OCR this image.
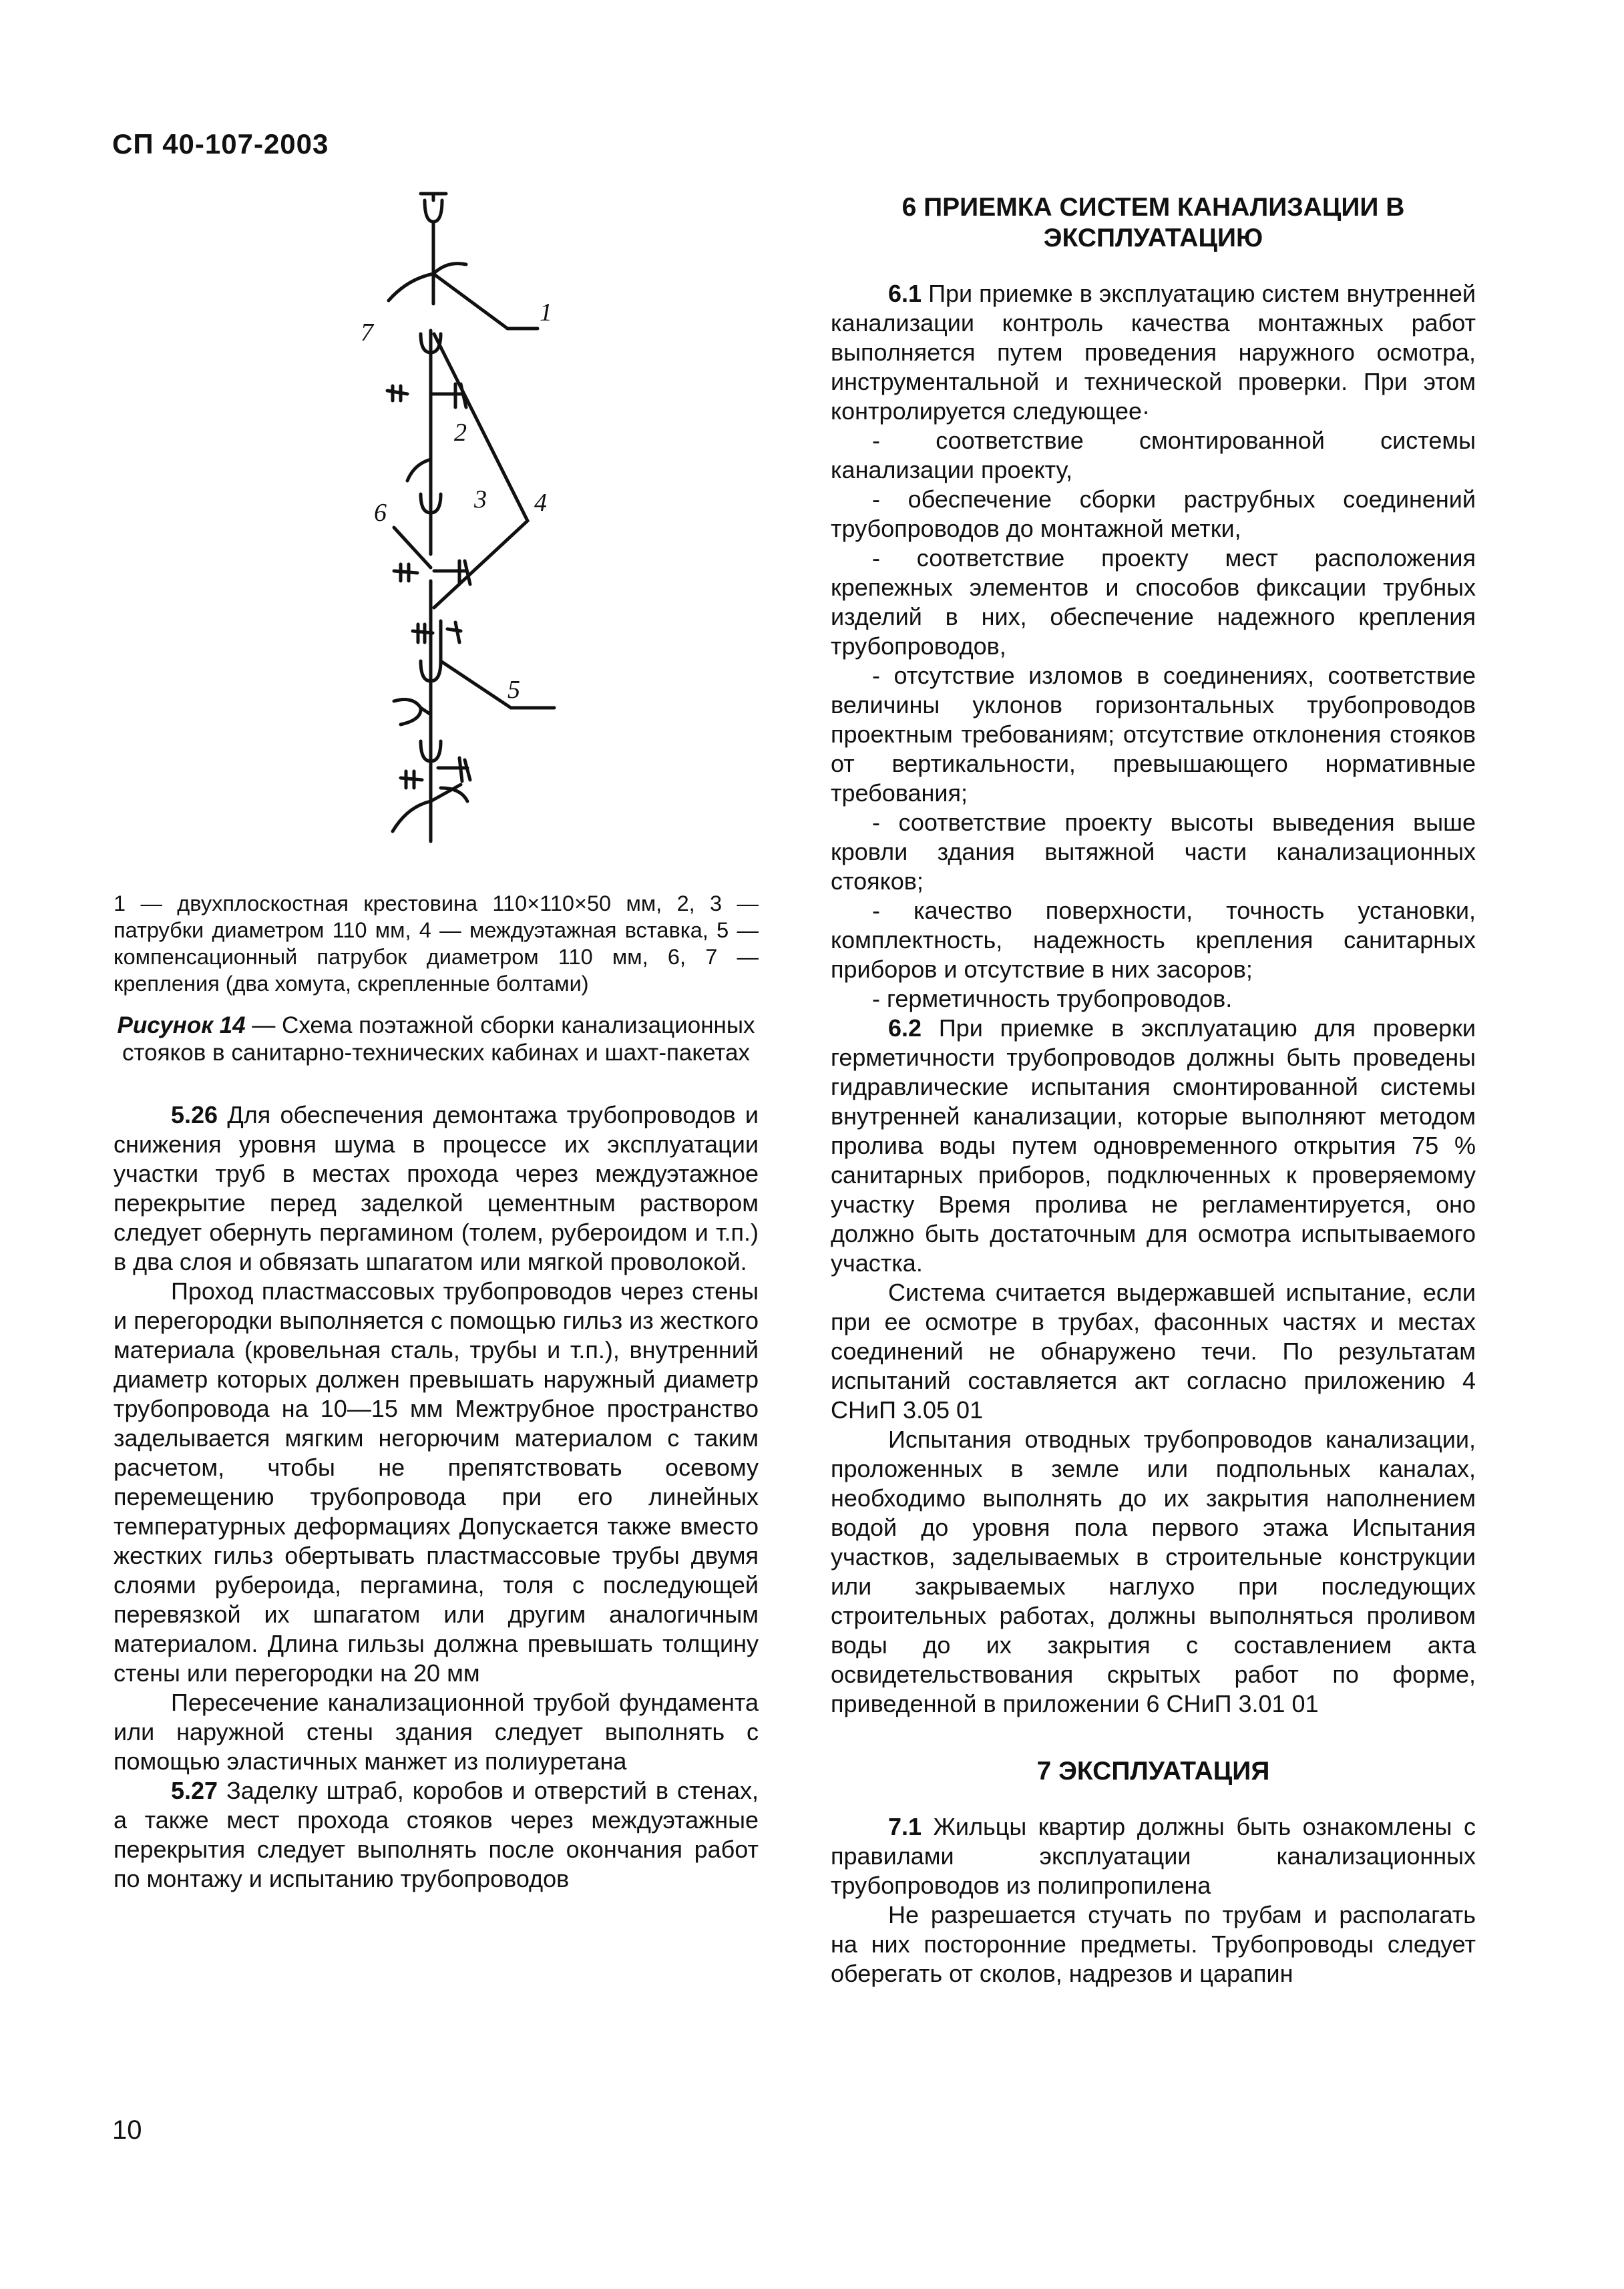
СП 40-107-2003
1
2
3 4
5
6
7

1 — двухплоскостная крестовина 110×110×50 мм, 2, 3 — патрубки диаметром 110 мм, 4 — междуэтажная вставка, 5 — компенсационный патрубок диаметром 110 мм, 6, 7 — крепления (два хомута, скрепленные болтами)

Рисунок 14 — Схема поэтажной сборки канализационных стояков в санитарно-технических кабинах и шахт-пакетах

5.26 Для обеспечения демонтажа трубопроводов и снижения уровня шума в процессе их эксплуатации участки труб в местах прохода через междуэтажное перекрытие перед заделкой цементным раствором следует обернуть пергамином (толем, рубероидом и т.п.) в два слоя и обвязать шпагатом или мягкой проволокой.

Проход пластмассовых трубопроводов через стены и перегородки выполняется с помощью гильз из жесткого материала (кровельная сталь, трубы и т.п.), внутренний диаметр которых должен превышать наружный диаметр трубопровода на 10—15 мм Межтрубное пространство заделывается мягким негорючим материалом с таким расчетом, чтобы не препятствовать осевому перемещению трубопровода при его линейных температурных деформациях Допускается также вместо жестких гильз обертывать пластмассовые трубы двумя слоями рубероида, пергамина, толя с последующей перевязкой их шпагатом или другим аналогичным материалом. Длина гильзы должна превышать толщину стены или перегородки на 20 мм

Пересечение канализационной трубой фундамента или наружной стены здания следует выполнять с помощью эластичных манжет из полиуретана

5.27 Заделку штраб, коробов и отверстий в стенах, а также мест прохода стояков через междуэтажные перекрытия следует выполнять после окончания работ по монтажу и испытанию трубопроводов

6 ПРИЕМКА СИСТЕМ КАНАЛИЗАЦИИ В ЭКСПЛУАТАЦИЮ

6.1 При приемке в эксплуатацию систем внутренней канализации контроль качества монтажных работ выполняется путем проведения наружного осмотра, инструментальной и технической проверки. При этом контролируется следующее·

- соответствие смонтированной системы канализации проекту,

- обеспечение сборки раструбных соединений трубопроводов до монтажной метки,

- соответствие проекту мест расположения крепежных элементов и способов фиксации трубных изделий в них, обеспечение надежного крепления трубопроводов,

- отсутствие изломов в соединениях, соответствие величины уклонов горизонтальных трубопроводов проектным требованиям; отсутствие отклонения стояков от вертикальности, превышающего нормативные требования;

- соответствие проекту высоты выведения выше кровли здания вытяжной части канализационных стояков;

- качество поверхности, точность установки, комплектность, надежность крепления санитарных приборов и отсутствие в них засоров;

- герметичность трубопроводов.

6.2 При приемке в эксплуатацию для проверки герметичности трубопроводов должны быть проведены гидравлические испытания смонтированной системы внутренней канализации, которые выполняют методом пролива воды путем одновременного открытия 75 % санитарных приборов, подключенных к проверяемому участку Время пролива не регламентируется, оно должно быть достаточным для осмотра испытываемого участка.

Система считается выдержавшей испытание, если при ее осмотре в трубах, фасонных частях и местах соединений не обнаружено течи. По результатам испытаний составляется акт согласно приложению 4 СНиП 3.05 01

Испытания отводных трубопроводов канализации, проложенных в земле или подпольных каналах, необходимо выполнять до их закрытия наполнением водой до уровня пола первого этажа Испытания участков, заделываемых в строительные конструкции или закрываемых наглухо при последующих строительных работах, должны выполняться проливом воды до их закрытия с составлением акта освидетельствования скрытых работ по форме, приведенной в приложении 6 СНиП 3.01 01

7 ЭКСПЛУАТАЦИЯ

7.1 Жильцы квартир должны быть ознакомлены с правилами эксплуатации канализационных трубопроводов из полипропилена

Не разрешается стучать по трубам и располагать на них посторонние предметы. Трубопроводы следует оберегать от сколов, надрезов и царапин

10
